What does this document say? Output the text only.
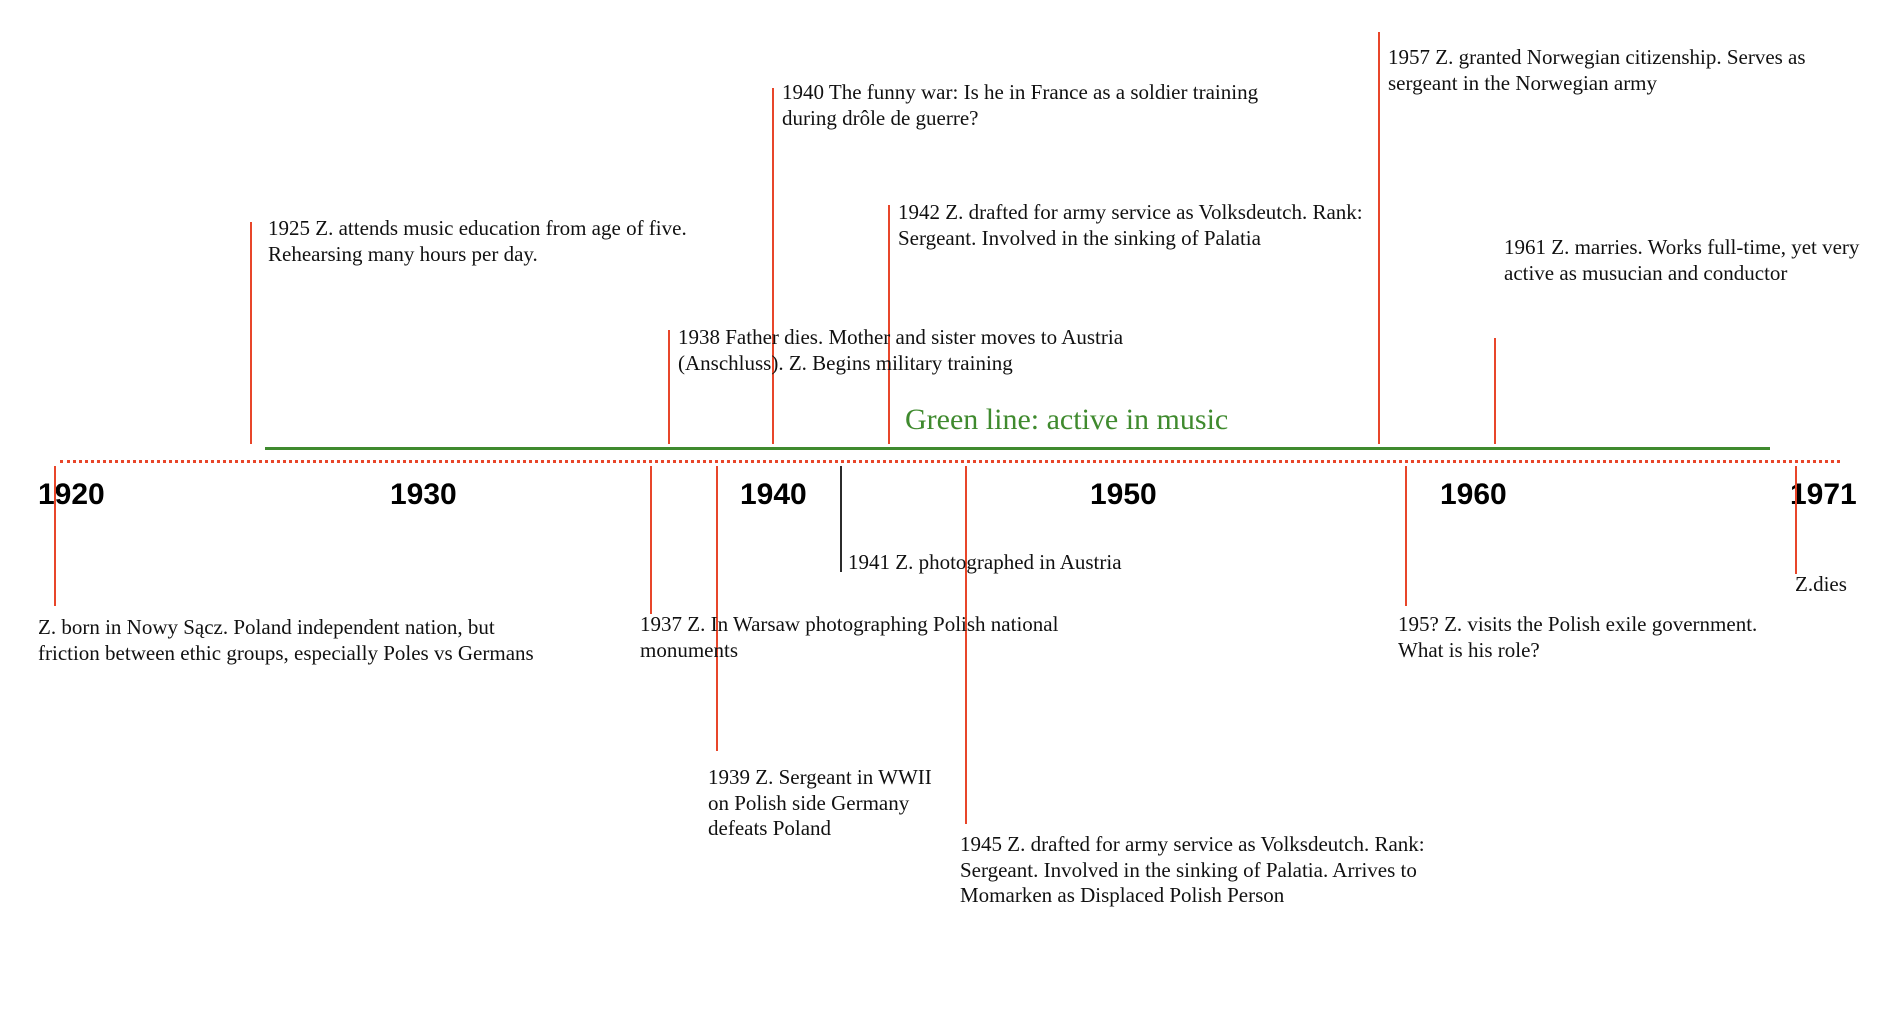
Green line: active in music
1920	1930	1940	1950	1960	1971
1925 Z. attends music education from age of five. Rehearsing many hours per day.
1938 Father dies. Mother and sister moves to Austria (Anschluss). Z. Begins military training
1940 The funny war: Is he in France as a soldier training during drôle de guerre?
1942 Z. drafted for army service as Volksdeutch. Rank: Sergeant. Involved in the sinking of Palatia
1957 Z. granted Norwegian citizenship. Serves as sergeant in the Norwegian army
1961 Z. marries. Works full-time, yet very active as musucian and conductor
Z. born in Nowy Sącz. Poland independent nation, but friction between ethic groups, especially Poles vs Germans
1937 Z. In Warsaw photographing Polish national monuments
1939 Z. Sergeant in WWII on Polish side Germany defeats Poland
1941 Z. photographed in Austria
1945 Z. drafted for army service as Volksdeutch. Rank: Sergeant. Involved in the sinking of Palatia. Arrives to Momarken as Displaced Polish Person
195? Z. visits the Polish exile government. What is his role?
Z.dies
